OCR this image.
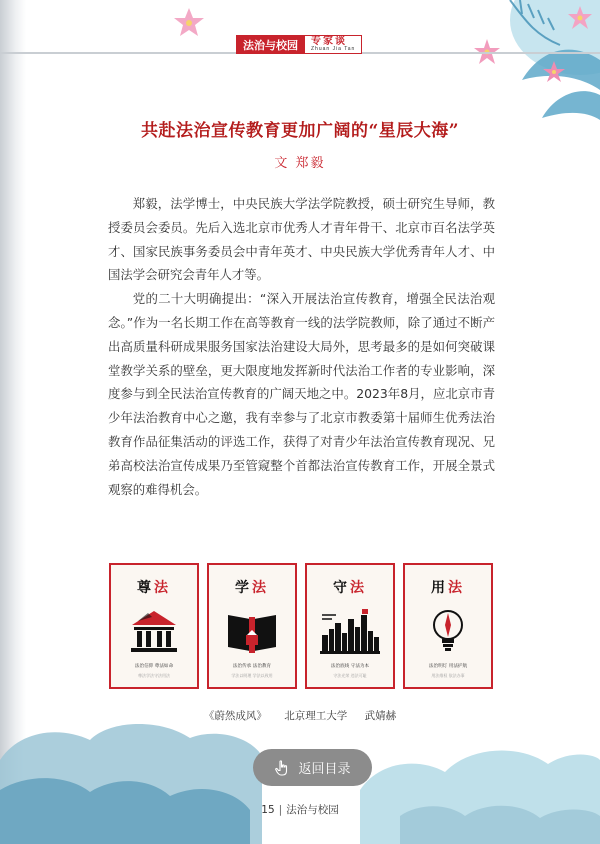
法治与校园	专家谈
Zhuan Jia Tan
共赴法治宣传教育更加广阔的“星辰大海”
文 郑毅

郑毅，法学博士，中央民族大学法学院教授，硕士研究生导师，教授委员会委员。先后入选北京市优秀人才青年骨干、北京市百名法学英才、国家民族事务委员会中青年英才、中央民族大学优秀青年人才、中国法学会研究会青年人才等。

党的二十大明确提出：“深入开展法治宣传教育，增强全民法治观念。”作为一名长期工作在高等教育一线的法学院教师，除了通过不断产出高质量科研成果服务国家法治建设大局外，思考最多的是如何突破课堂教学关系的壁垒，更大限度地发挥新时代法治工作者的专业影响，深度参与到全民法治宣传教育的广阔天地之中。2023年8月，应北京市青少年法治教育中心之邀，我有幸参与了北京市教委第十届师生优秀法治教育作品征集活动的评选工作，获得了对青少年法治宣传教育现况、兄弟高校法治宣传成果乃至管窥整个首都法治宣传教育工作，开展全景式观察的难得机会。

尊法
法治信仰 尊法如命
尊法学法守法用法
学法
法治传承 法治教育
学法以明理 学法以致用
守法
法治底线 守法为本
守法光荣 违法可耻
用法
法治明灯 用法护航
用法维权 依法办事
《蔚然成风》 北京理工大学 武婧赫
返回目录
15 | 法治与校园
